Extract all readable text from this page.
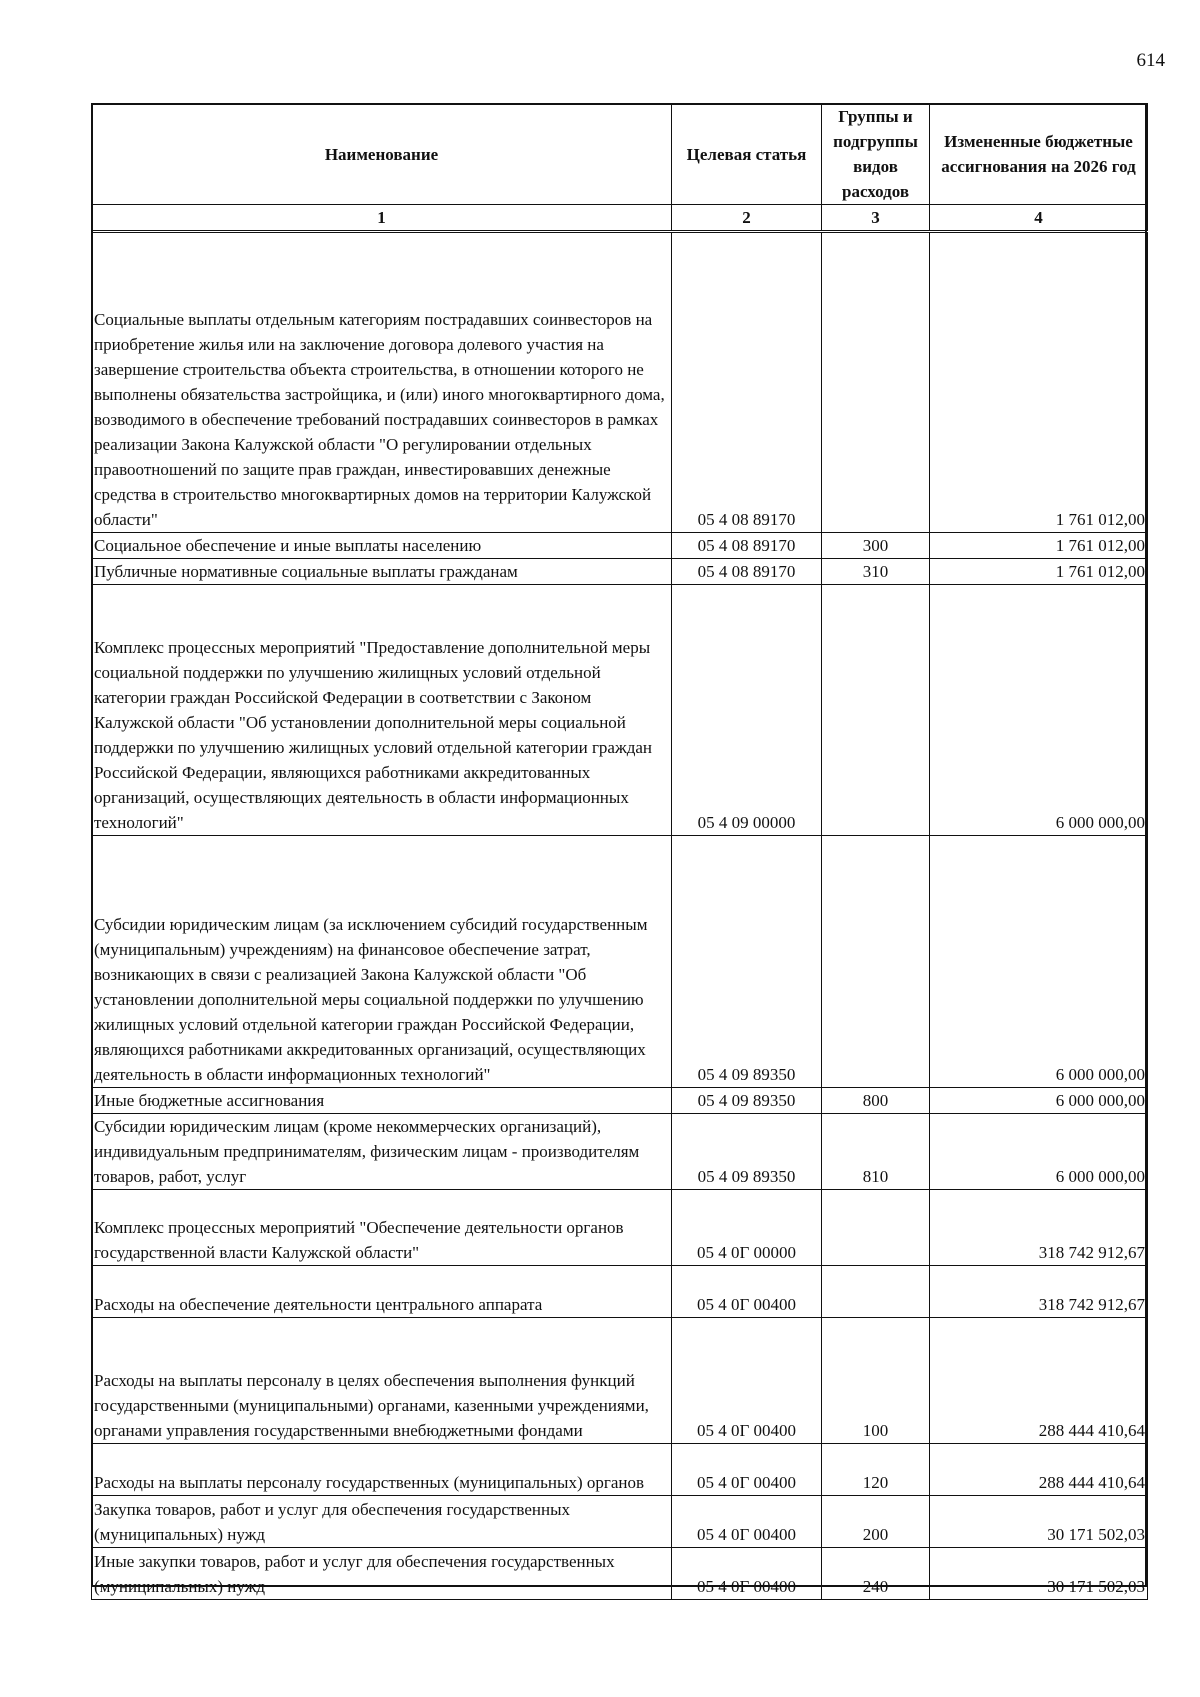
614
Наименование	Целевая статья	Группы и подгруппы видов расходов	Измененные бюджетные ассигнования на 2026 год
1	2	3	4
Социальные выплаты отдельным категориям пострадавших соинвесторов на приобретение жилья или на заключение договора долевого участия на завершение строительства объекта строительства, в отношении которого не выполнены обязательства застройщика, и (или) иного многоквартирного дома, возводимого в обеспечение требований пострадавших соинвесторов в рамках реализации Закона Калужской области "О регулировании отдельных правоотношений по защите прав граждан, инвестировавших денежные средства в строительство многоквартирных домов на территории Калужской области"	05 4 08 89170		1 761 012,00
Социальное обеспечение и иные выплаты населению	05 4 08 89170	300	1 761 012,00
Публичные нормативные социальные выплаты гражданам	05 4 08 89170	310	1 761 012,00
Комплекс процессных мероприятий "Предоставление дополнительной меры социальной поддержки по улучшению жилищных условий отдельной категории граждан Российской Федерации в соответствии с Законом Калужской области "Об установлении дополнительной меры социальной поддержки по улучшению жилищных условий отдельной категории граждан Российской Федерации, являющихся работниками аккредитованных организаций, осуществляющих деятельность в области информационных технологий"	05 4 09 00000		6 000 000,00
Субсидии юридическим лицам (за исключением субсидий государственным (муниципальным) учреждениям) на финансовое обеспечение затрат, возникающих в связи с реализацией Закона Калужской области "Об установлении дополнительной меры социальной поддержки по улучшению жилищных условий отдельной категории граждан Российской Федерации, являющихся работниками аккредитованных организаций, осуществляющих деятельность в области информационных технологий"	05 4 09 89350		6 000 000,00
Иные бюджетные ассигнования	05 4 09 89350	800	6 000 000,00
Субсидии юридическим лицам (кроме некоммерческих организаций), индивидуальным предпринимателям, физическим лицам - производителям товаров, работ, услуг	05 4 09 89350	810	6 000 000,00
Комплекс процессных мероприятий "Обеспечение деятельности органов государственной власти Калужской области"	05 4 0Г 00000		318 742 912,67
Расходы на обеспечение деятельности центрального аппарата	05 4 0Г 00400		318 742 912,67
Расходы на выплаты персоналу в целях обеспечения выполнения функций государственными (муниципальными) органами, казенными учреждениями, органами управления государственными внебюджетными фондами	05 4 0Г 00400	100	288 444 410,64
Расходы на выплаты персоналу государственных (муниципальных) органов	05 4 0Г 00400	120	288 444 410,64
Закупка товаров, работ и услуг для обеспечения государственных (муниципальных) нужд	05 4 0Г 00400	200	30 171 502,03
Иные закупки товаров, работ и услуг для обеспечения государственных (муниципальных) нужд	05 4 0Г 00400	240	30 171 502,03
